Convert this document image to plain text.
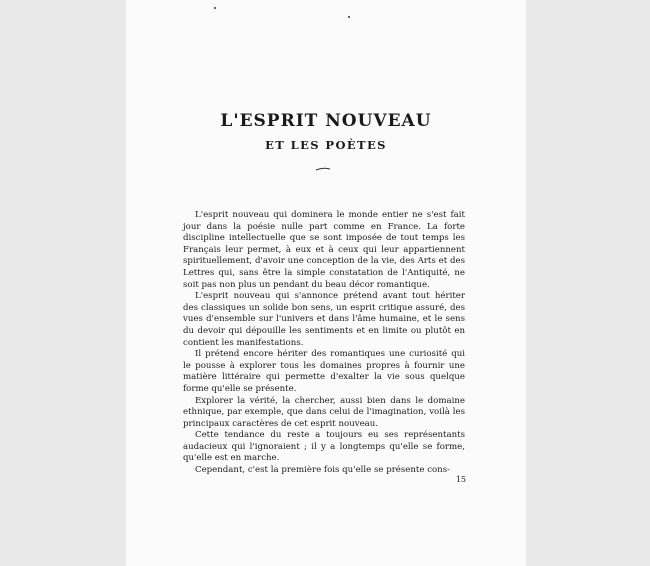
L'ESPRIT NOUVEAU
ET LES POÈTES

L'esprit nouveau qui dominera le monde entier ne s'est fait jour dans la poésie nulle part comme en France. La forte discipline intellectuelle que se sont imposée de tout temps les Français leur permet, à eux et à ceux qui leur appartiennent spirituellement, d'avoir une conception de la vie, des Arts et des Lettres qui, sans être la simple constatation de l'Antiquité, ne soit pas non plus un pendant du beau décor romantique.

L'esprit nouveau qui s'annonce prétend avant tout hériter des classiques un solide bon sens, un esprit critique assuré, des vues d'ensemble sur l'univers et dans l'âme humaine, et le sens du devoir qui dépouille les sentiments et en limite ou plutôt en contient les manifestations.

Il prétend encore hériter des romantiques une curiosité qui le pousse à explorer tous les domaines propres à fournir une matière littéraire qui permette d'exalter la vie sous quelque forme qu'elle se présente.

Explorer la vérité, la chercher, aussi bien dans le domaine ethnique, par exemple, que dans celui de l'imagination, voilà les principaux caractères de cet esprit nouveau.

Cette tendance du reste a toujours eu ses représentants audacieux qui l'ignoraient ; il y a longtemps qu'elle se forme, qu'elle est en marche.

Cependant, c'est la première fois qu'elle se présente cons-

15
